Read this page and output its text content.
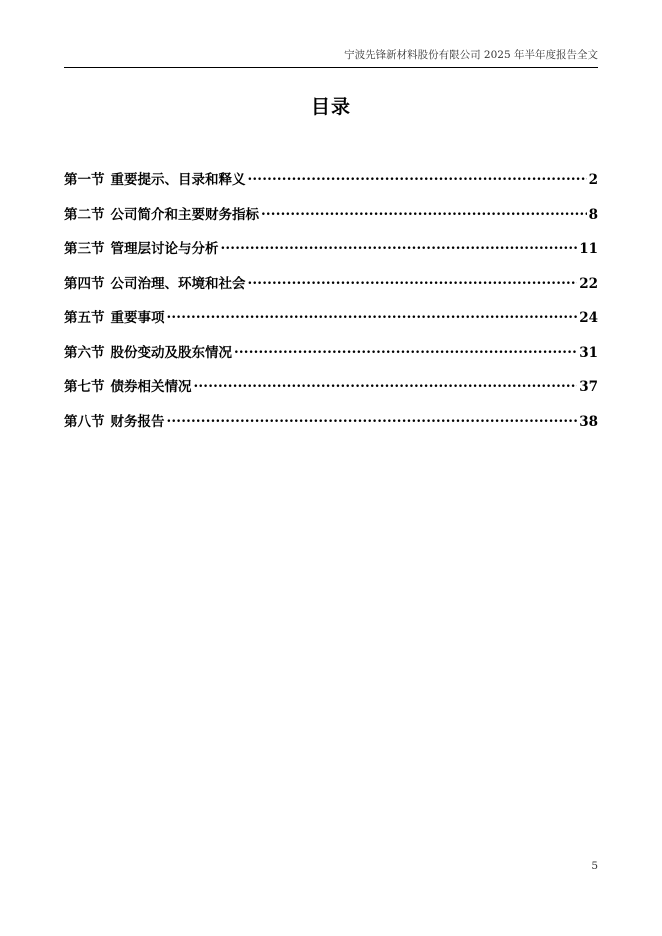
宁波先锋新材料股份有限公司 2025 年半年度报告全文
目录
第一节 重要提示、目录和释义 .....	2
第二节 公司简介和主要财务指标 .....	8
第三节 管理层讨论与分析 .....	11
第四节 公司治理、环境和社会 .....	22
第五节 重要事项 .....	24
第六节 股份变动及股东情况 .....	31
第七节 债券相关情况 .....	37
第八节 财务报告 .....	38
5
